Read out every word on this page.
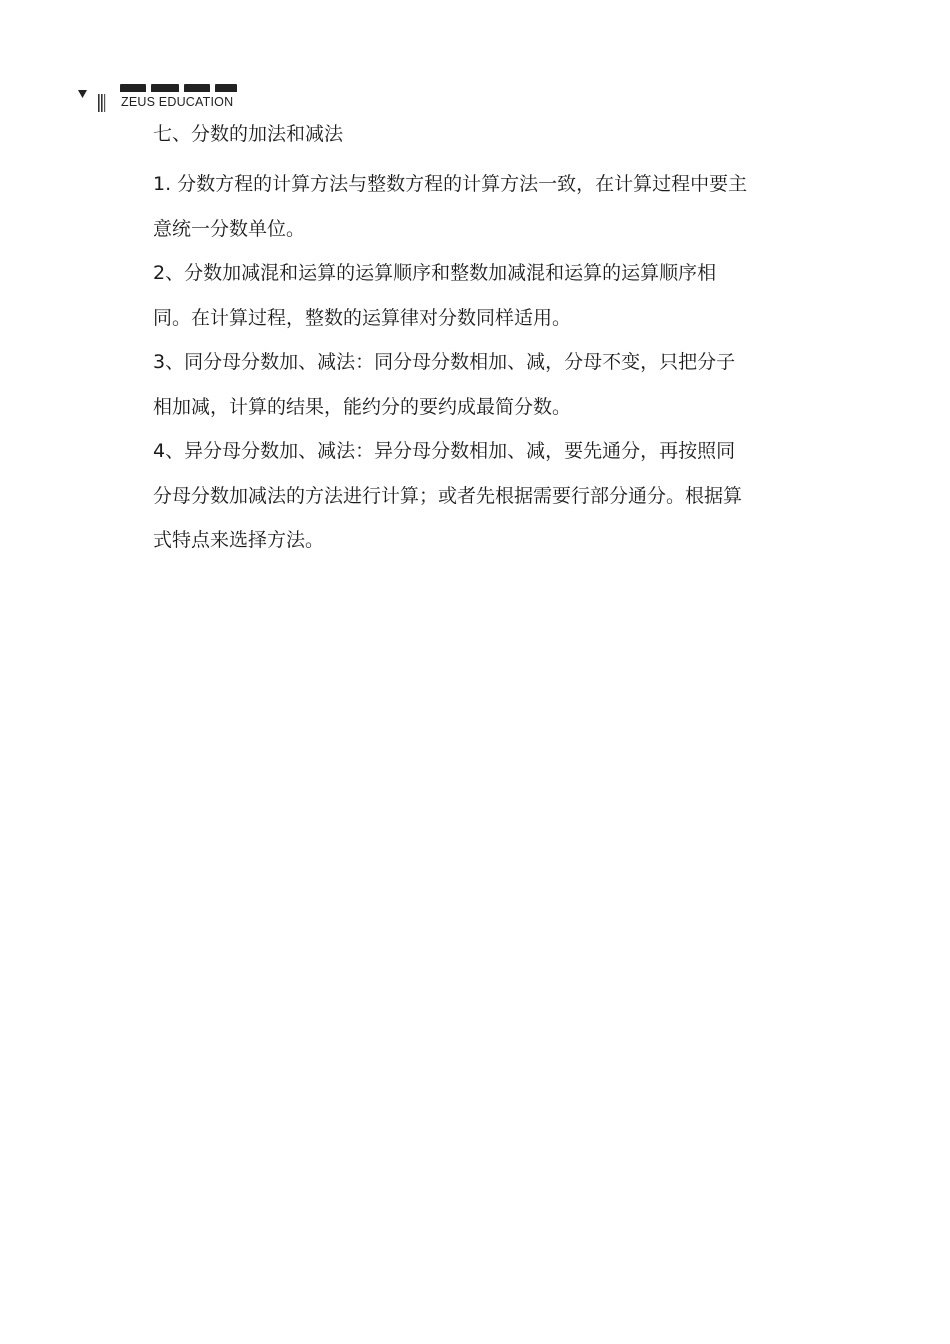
ZEUS EDUCATION
七、分数的加法和减法

1. 分数方程的计算方法与整数方程的计算方法一致，在计算过程中要主意统一分数单位。

2、分数加减混和运算的运算顺序和整数加减混和运算的运算顺序相同。在计算过程，整数的运算律对分数同样适用。

3、同分母分数加、减法：同分母分数相加、减，分母不变，只把分子相加减，计算的结果，能约分的要约成最简分数。

4、异分母分数加、减法：异分母分数相加、减，要先通分，再按照同分母分数加减法的方法进行计算；或者先根据需要行部分通分。根据算式特点来选择方法。
